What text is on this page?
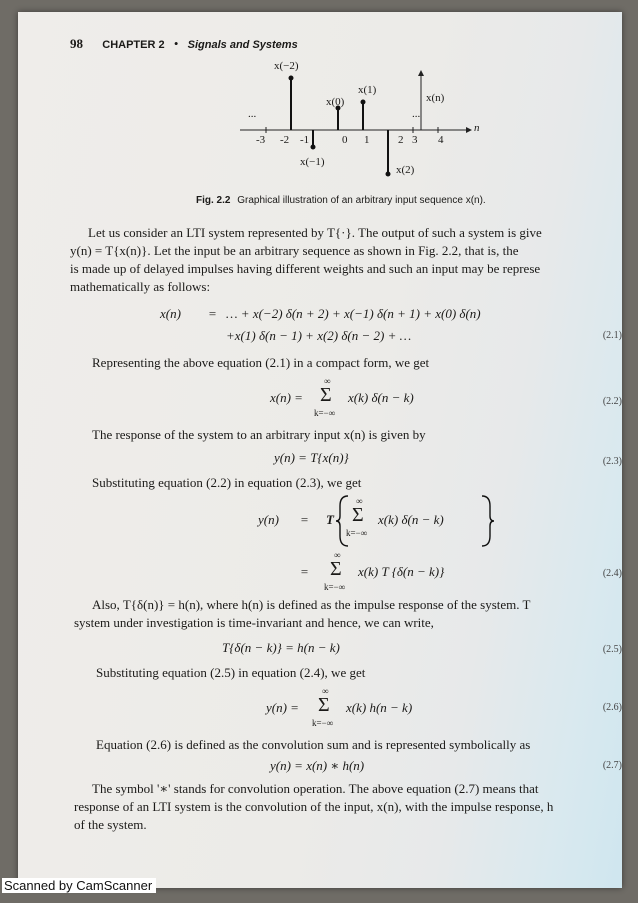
98 CHAPTER 2 • Signals and Systems
x(−2)
x(1)
x(0)	x(n)
x(−1)
x(2)
...	...
n
-3 -2 -1	0 1	2 3 4
Fig. 2.2 Graphical illustration of an arbitrary input sequence x(n).
Let us consider an LTI system represented by T{·}. The output of such a system is give
y(n) = T{x(n)}. Let the input be an arbitrary sequence as shown in Fig. 2.2, that is, the
is made up of delayed impulses having different weights and such an input may be represe
mathematically as follows:
x(n) = … + x(−2) δ(n + 2) + x(−1) δ(n + 1) + x(0) δ(n)
+x(1) δ(n − 1) + x(2) δ(n − 2) + …	(2.1)
Representing the above equation (2.1) in a compact form, we get
x(n) =
∞
Σ
k=−∞
x(k) δ(n − k)	(2.2)
The response of the system to an arbitrary input x(n) is given by
y(n) = T{x(n)}	(2.3)
Substituting equation (2.2) in equation (2.3), we get
y(n) = T
∞
Σ
k=−∞
x(k) δ(n − k)
=
∞
Σ
k=−∞
x(k) T {δ(n − k)}	(2.4)
Also, T{δ(n)} = h(n), where h(n) is defined as the impulse response of the system. T
system under investigation is time-invariant and hence, we can write,
T{δ(n − k)} = h(n − k)	(2.5)
Substituting equation (2.5) in equation (2.4), we get
y(n) =
∞
Σ
k=−∞
x(k) h(n − k)	(2.6)
Equation (2.6) is defined as the convolution sum and is represented symbolically as
y(n) = x(n) ∗ h(n)	(2.7)
The symbol '∗' stands for convolution operation. The above equation (2.7) means that
response of an LTI system is the convolution of the input, x(n), with the impulse response, h
of the system.
Scanned by CamScanner
